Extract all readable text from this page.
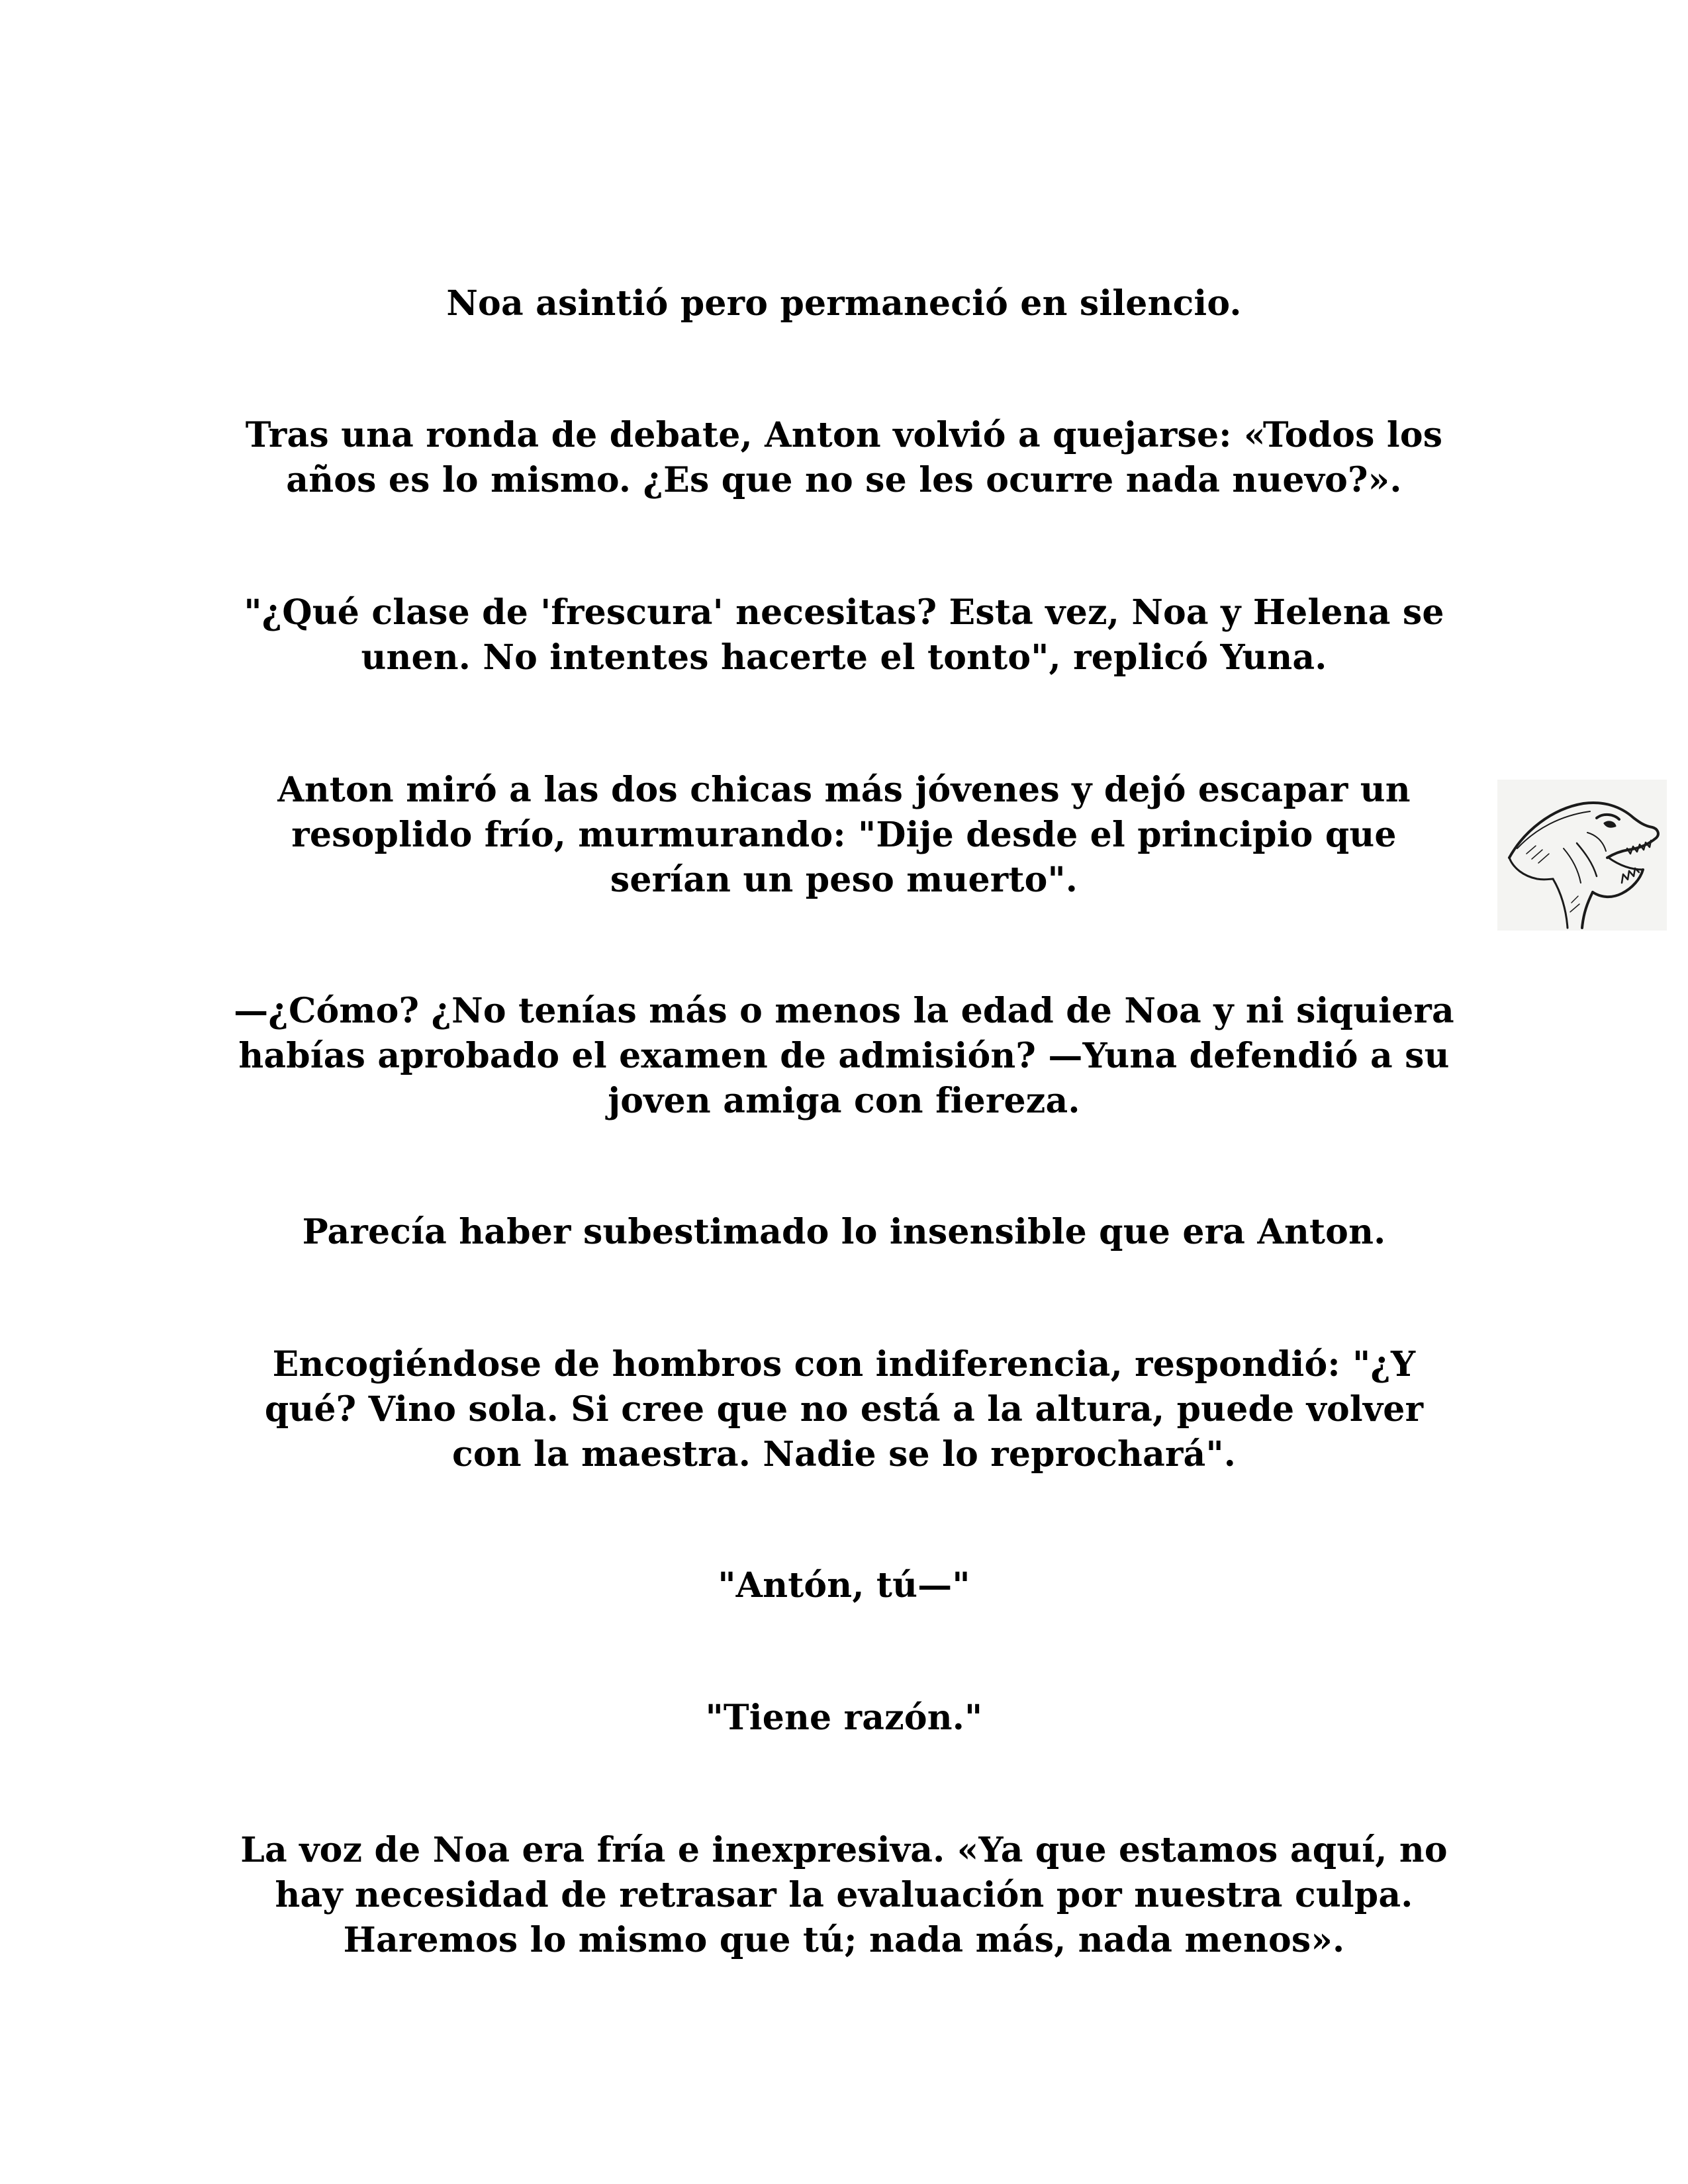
Noa asintió pero permaneció en silencio.
Tras una ronda de debate, Anton volvió a quejarse: «Todos los
años es lo mismo. ¿Es que no se les ocurre nada nuevo?».
"¿Qué clase de 'frescura' necesitas? Esta vez, Noa y Helena se
unen. No intentes hacerte el tonto", replicó Yuna.
Anton miró a las dos chicas más jóvenes y dejó escapar un
resoplido frío, murmurando: "Dije desde el principio que
serían un peso muerto".
—¿Cómo? ¿No tenías más o menos la edad de Noa y ni siquiera
habías aprobado el examen de admisión? —Yuna defendió a su
joven amiga con fiereza.
Parecía haber subestimado lo insensible que era Anton.
Encogiéndose de hombros con indiferencia, respondió: "¿Y
qué? Vino sola. Si cree que no está a la altura, puede volver
con la maestra. Nadie se lo reprochará".
"Antón, tú—"
"Tiene razón."
La voz de Noa era fría e inexpresiva. «Ya que estamos aquí, no
hay necesidad de retrasar la evaluación por nuestra culpa.
Haremos lo mismo que tú; nada más, nada menos».
